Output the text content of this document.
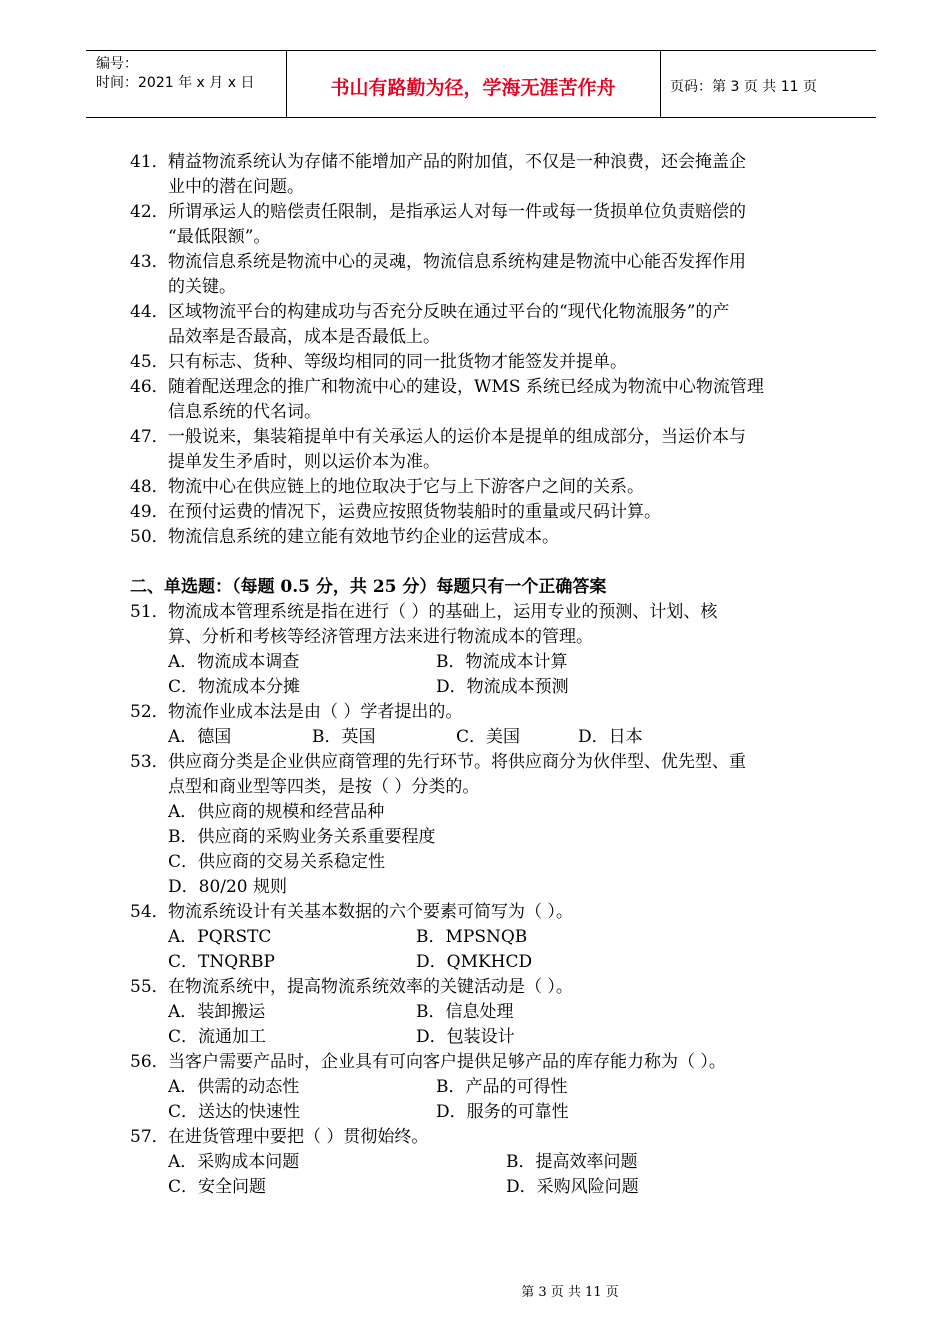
编号：
时间：2021 年 x 月 x 日	书山有路勤为径，学海无涯苦作舟	页码：第 3 页 共 11 页
41． 精益物流系统认为存储不能增加产品的附加值，不仅是一种浪费，还会掩盖企
业中的潜在问题。
42． 所谓承运人的赔偿责任限制，是指承运人对每一件或每一货损单位负责赔偿的
“最低限额”。
43． 物流信息系统是物流中心的灵魂，物流信息系统构建是物流中心能否发挥作用
的关键。
44． 区域物流平台的构建成功与否充分反映在通过平台的“现代化物流服务”的产
品效率是否最高，成本是否最低上。
45． 只有标志、货种、等级均相同的同一批货物才能签发并提单。
46． 随着配送理念的推广和物流中心的建设，WMS 系统已经成为物流中心物流管理
信息系统的代名词。
47． 一般说来，集装箱提单中有关承运人的运价本是提单的组成部分，当运价本与
提单发生矛盾时，则以运价本为准。
48． 物流中心在供应链上的地位取决于它与上下游客户之间的关系。
49． 在预付运费的情况下，运费应按照货物装船时的重量或尺码计算。
50． 物流信息系统的建立能有效地节约企业的运营成本。
二、单选题：（每题 0.5 分，共 25 分）每题只有一个正确答案
51． 物流成本管理系统是指在进行（ ）的基础上，运用专业的预测、计划、核
算、分析和考核等经济管理方法来进行物流成本的管理。
A．物流成本调查	B．物流成本计算
C．物流成本分摊	D．物流成本预测
52． 物流作业成本法是由（ ）学者提出的。
A．德国	B．英国	C．美国	D．日本
53． 供应商分类是企业供应商管理的先行环节。将供应商分为伙伴型、优先型、重
点型和商业型等四类，是按（ ）分类的。
A．供应商的规模和经营品种
B．供应商的采购业务关系重要程度
C．供应商的交易关系稳定性
D．80/20 规则
54． 物流系统设计有关基本数据的六个要素可简写为（ ）。
A．PQRSTC	B．MPSNQB
C．TNQRBP	D．QMKHCD
55． 在物流系统中，提高物流系统效率的关键活动是（ ）。
A．装卸搬运	B．信息处理
C．流通加工	D．包装设计
56． 当客户需要产品时，企业具有可向客户提供足够产品的库存能力称为（ ）。
A．供需的动态性	B．产品的可得性
C．送达的快速性	D．服务的可靠性
57． 在进货管理中要把（ ）贯彻始终。
A．采购成本问题	B．提高效率问题
C．安全问题	D．采购风险问题
第 3 页 共 11 页
